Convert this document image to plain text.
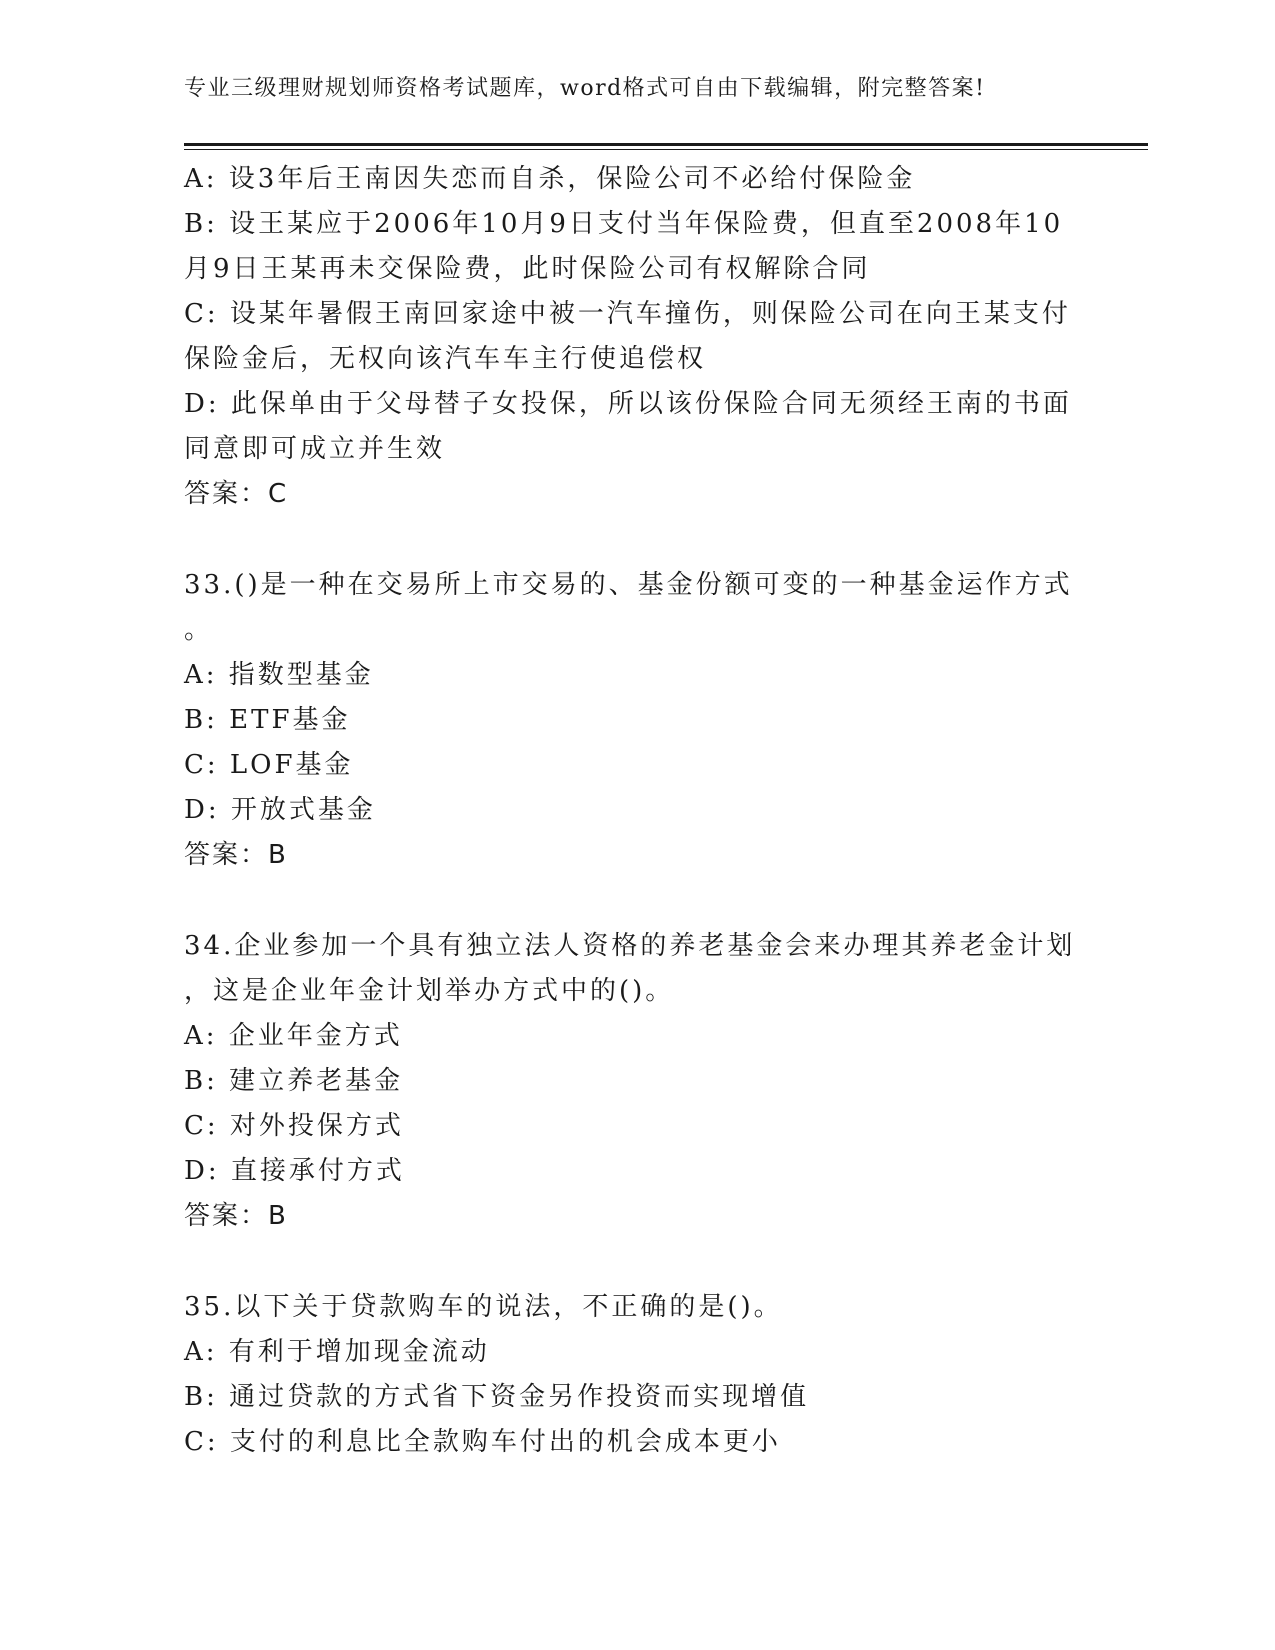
专业三级理财规划师资格考试题库，word格式可自由下载编辑，附完整答案!
A: 设3年后王南因失恋而自杀，保险公司不必给付保险金
B: 设王某应于2006年10月9日支付当年保险费，但直至2008年10
月9日王某再未交保险费，此时保险公司有权解除合同
C: 设某年暑假王南回家途中被一汽车撞伤，则保险公司在向王某支付
保险金后，无权向该汽车车主行使追偿权
D: 此保单由于父母替子女投保，所以该份保险合同无须经王南的书面
同意即可成立并生效
答案：C
33.()是一种在交易所上市交易的、基金份额可变的一种基金运作方式
。
A: 指数型基金
B: ETF基金
C: LOF基金
D: 开放式基金
答案：B
34.企业参加一个具有独立法人资格的养老基金会来办理其养老金计划
，这是企业年金计划举办方式中的()。
A: 企业年金方式
B: 建立养老基金
C: 对外投保方式
D: 直接承付方式
答案：B
35.以下关于贷款购车的说法，不正确的是()。
A: 有利于增加现金流动
B: 通过贷款的方式省下资金另作投资而实现增值
C: 支付的利息比全款购车付出的机会成本更小
